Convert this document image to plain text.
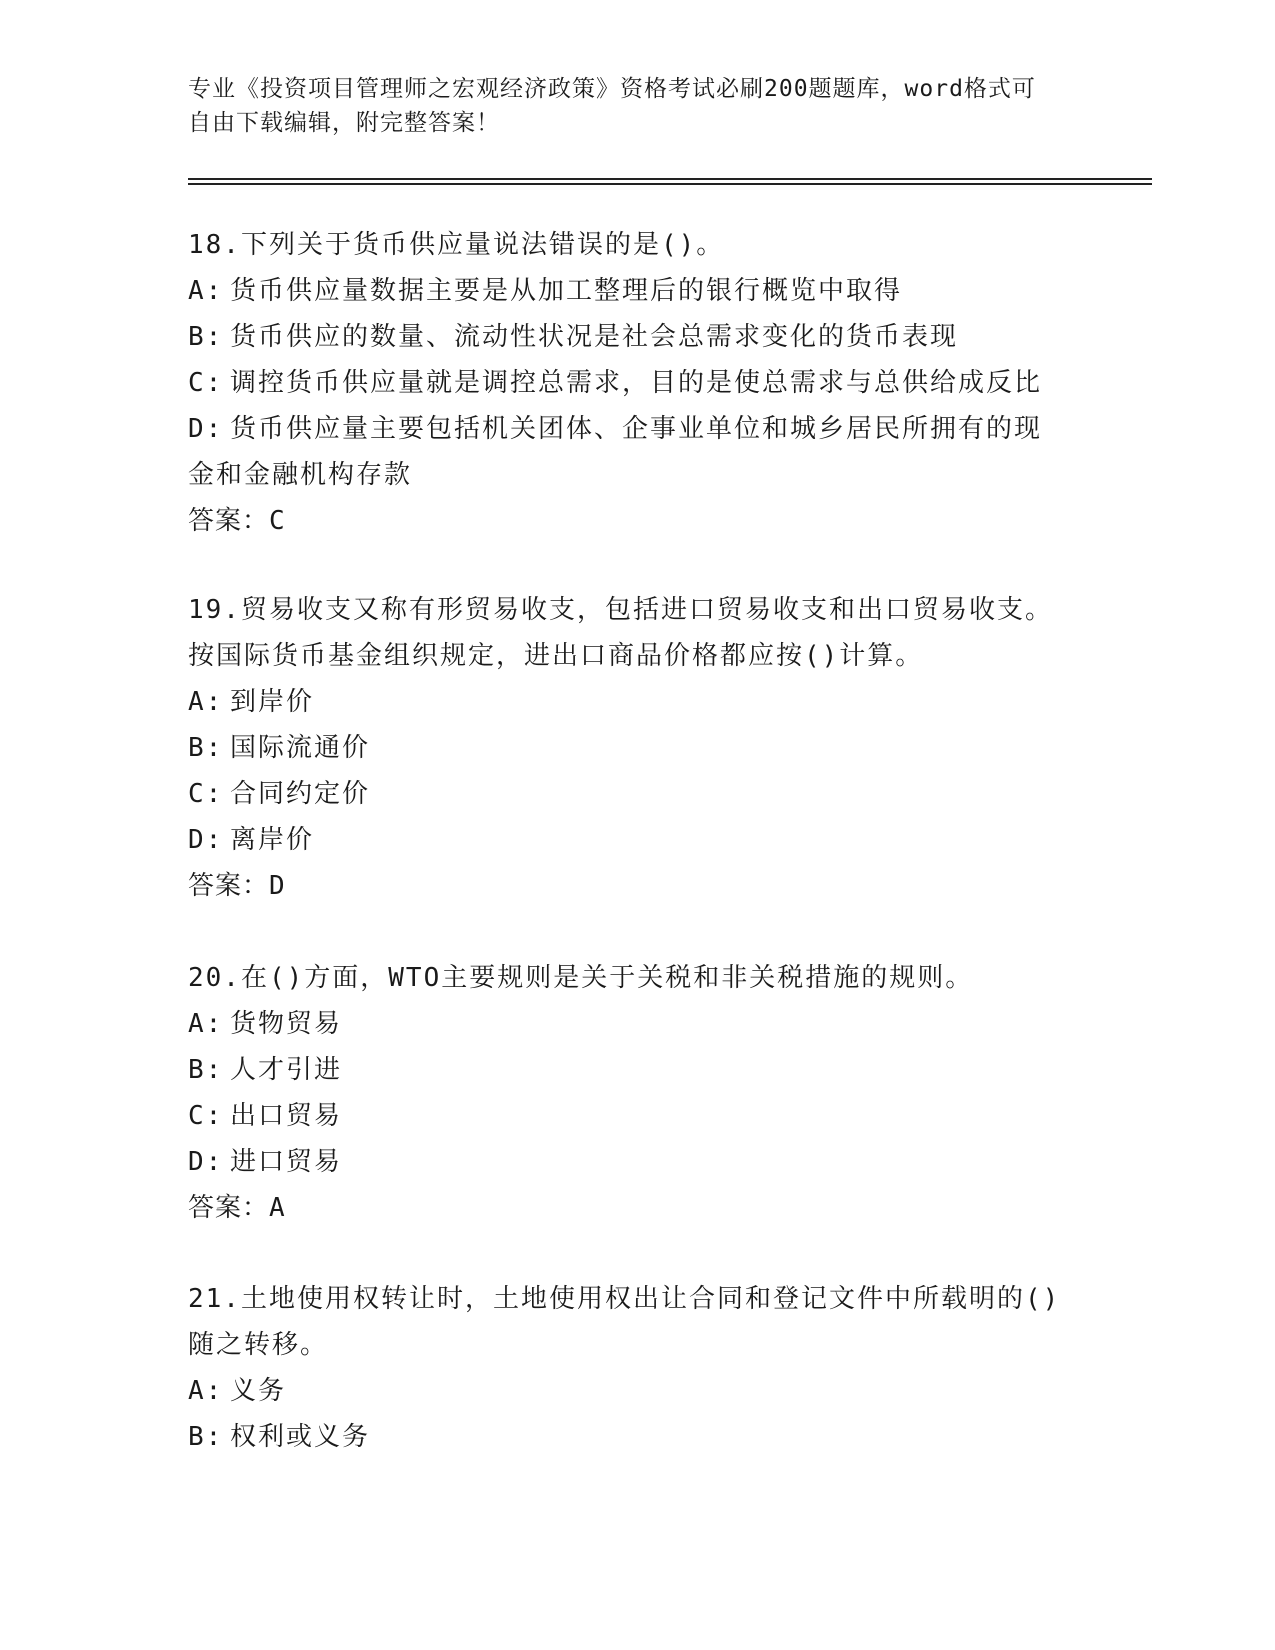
专业《投资项目管理师之宏观经济政策》资格考试必刷200题题库，word格式可
自由下载编辑，附完整答案！
18.下列关于货币供应量说法错误的是()。
A: 货币供应量数据主要是从加工整理后的银行概览中取得
B: 货币供应的数量、流动性状况是社会总需求变化的货币表现
C: 调控货币供应量就是调控总需求，目的是使总需求与总供给成反比
D: 货币供应量主要包括机关团体、企事业单位和城乡居民所拥有的现
金和金融机构存款
答案：C
19.贸易收支又称有形贸易收支，包括进口贸易收支和出口贸易收支。
按国际货币基金组织规定，进出口商品价格都应按()计算。
A: 到岸价
B: 国际流通价
C: 合同约定价
D: 离岸价
答案：D
20.在()方面，WTO主要规则是关于关税和非关税措施的规则。
A: 货物贸易
B: 人才引进
C: 出口贸易
D: 进口贸易
答案：A
21.土地使用权转让时，土地使用权出让合同和登记文件中所载明的()
随之转移。
A: 义务
B: 权利或义务
